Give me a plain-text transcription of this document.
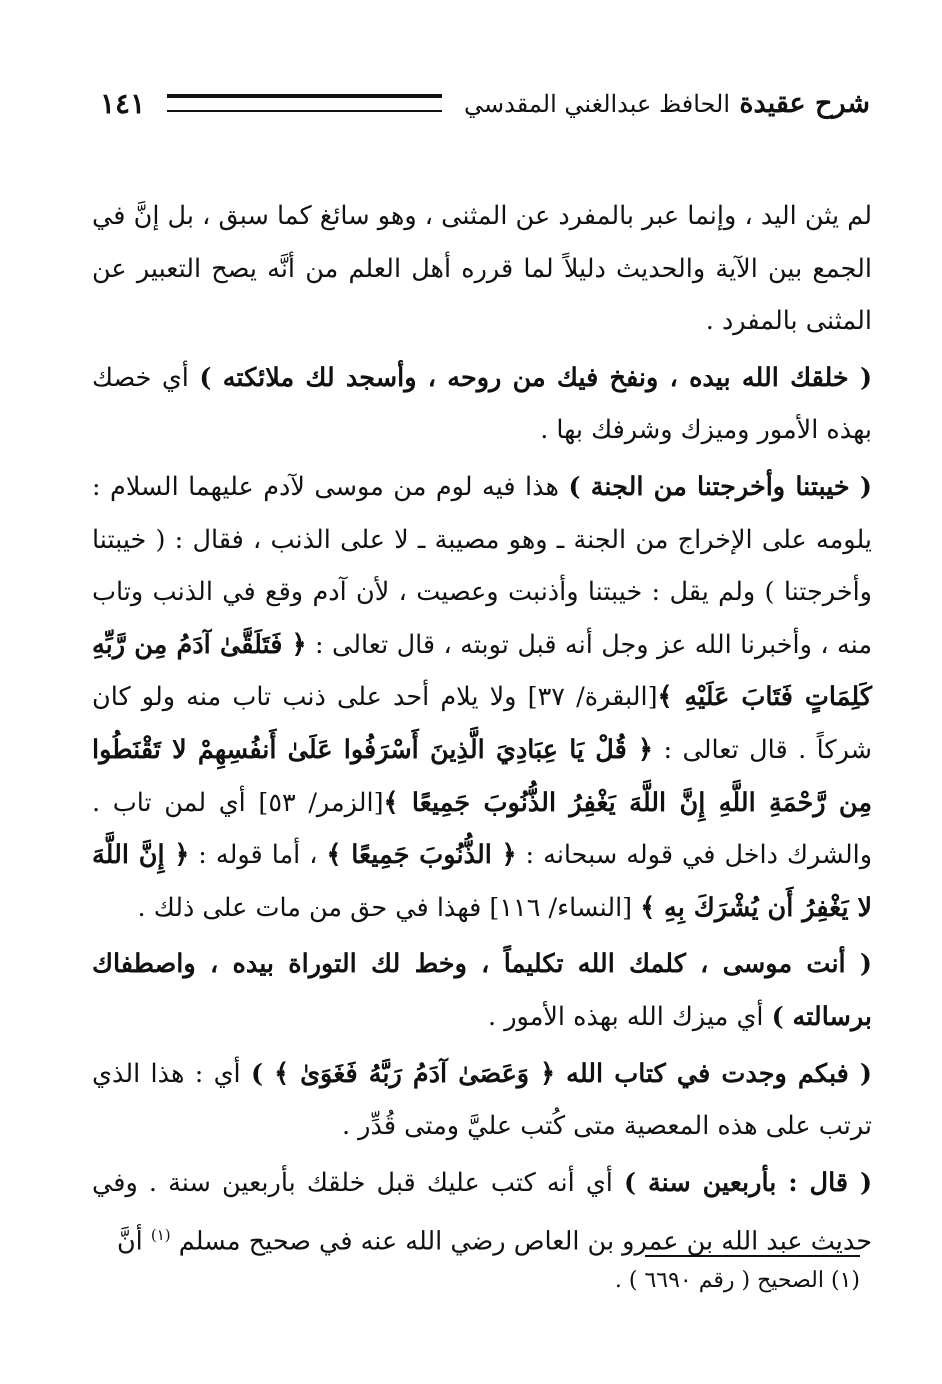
شرح عقيدة الحافظ عبدالغني المقدسي
١٤١

لم يثن اليد ، وإنما عبر بالمفرد عن المثنى ، وهو سائغ كما سبق ، بل إنَّ في الجمع بين الآية والحديث دليلاً لما قرره أهل العلم من أنَّه يصح التعبير عن المثنى بالمفرد .

( خلقك الله بيده ، ونفخ فيك من روحه ، وأسجد لك ملائكته ) أي خصك بهذه الأمور وميزك وشرفك بها .

( خيبتنا وأخرجتنا من الجنة ) هذا فيه لوم من موسى لآدم عليهما السلام : يلومه على الإخراج من الجنة ـ وهو مصيبة ـ لا على الذنب ، فقال : ( خيبتنا وأخرجتنا ) ولم يقل : خيبتنا وأذنبت وعصيت ، لأن آدم وقع في الذنب وتاب منه ، وأخبرنا الله عز وجل أنه قبل توبته ، قال تعالى : ﴿ فَتَلَقَّىٰ آدَمُ مِن رَّبِّهِ كَلِمَاتٍ فَتَابَ عَلَيْهِ ﴾[البقرة/ ٣٧] ولا يلام أحد على ذنب تاب منه ولو كان شركاً . قال تعالى : ﴿ قُلْ يَا عِبَادِيَ الَّذِينَ أَسْرَفُوا عَلَىٰ أَنفُسِهِمْ لا تَقْنَطُوا مِن رَّحْمَةِ اللَّهِ إِنَّ اللَّهَ يَغْفِرُ الذُّنُوبَ جَمِيعًا ﴾[الزمر/ ٥٣] أي لمن تاب . والشرك داخل في قوله سبحانه : ﴿ الذُّنُوبَ جَمِيعًا ﴾ ، أما قوله : ﴿ إِنَّ اللَّهَ لا يَغْفِرُ أَن يُشْرَكَ بِهِ ﴾ [النساء/ ١١٦] فهذا في حق من مات على ذلك .

( أنت موسى ، كلمك الله تكليماً ، وخط لك التوراة بيده ، واصطفاك برسالته ) أي ميزك الله بهذه الأمور .

( فبكم وجدت في كتاب الله ﴿ وَعَصَىٰ آدَمُ رَبَّهُ فَغَوَىٰ ﴾ ) أي : هذا الذي ترتب على هذه المعصية متى كُتب عليَّ ومتى قُدِّر .

( قال : بأربعين سنة ) أي أنه كتب عليك قبل خلقك بأربعين سنة . وفي حديث عبد الله بن عمرو بن العاص رضي الله عنه في صحيح مسلم $^{(١)}$ أنَّ

(١) الصحيح ( رقم ٦٦٩٠ ) .
